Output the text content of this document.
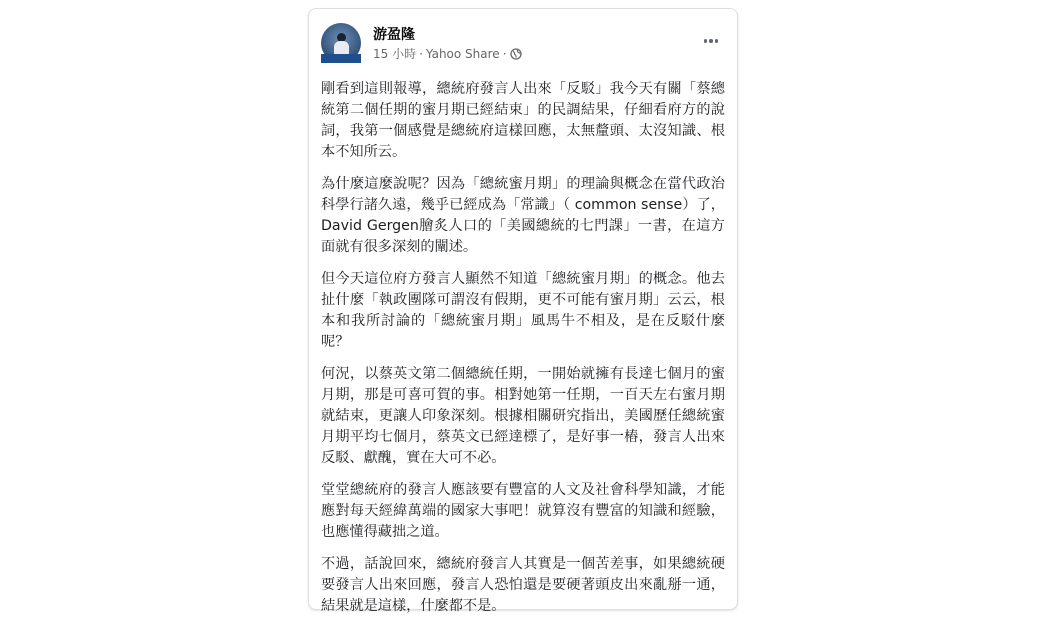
游盈隆
15 小時 · Yahoo Share ·

剛看到這則報導，總統府發言人出來「反駁」我今天有關「蔡總統第二個任期的蜜月期已經結束」的民調結果，仔細看府方的說詞，我第一個感覺是總統府這樣回應，太無釐頭、太沒知識、根本不知所云。

為什麼這麼說呢？因為「總統蜜月期」的理論與概念在當代政治科學行諸久遠，幾乎已經成為「常識」（ common sense）了，David Gergen膾炙人口的「美國總統的七門課」一書，在這方面就有很多深刻的闡述。

但今天這位府方發言人顯然不知道「總統蜜月期」的概念。他去扯什麼「執政團隊可謂沒有假期，更不可能有蜜月期」云云，根本和我所討論的「總統蜜月期」風馬牛不相及，是在反駁什麼呢？

何況，以蔡英文第二個總統任期，一開始就擁有長達七個月的蜜月期，那是可喜可賀的事。相對她第一任期，一百天左右蜜月期就結束，更讓人印象深刻。根據相關研究指出，美國歷任總統蜜月期平均七個月，蔡英文已經達標了，是好事一樁，發言人出來反駁、獻醜，實在大可不必。

堂堂總統府的發言人應該要有豐富的人文及社會科學知識，才能應對每天經緯萬端的國家大事吧！就算沒有豐富的知識和經驗，也應懂得藏拙之道。

不過，話說回來，總統府發言人其實是一個苦差事，如果總統硬要發言人出來回應，發言人恐怕還是要硬著頭皮出來亂掰一通，結果就是這樣，什麼都不是。
